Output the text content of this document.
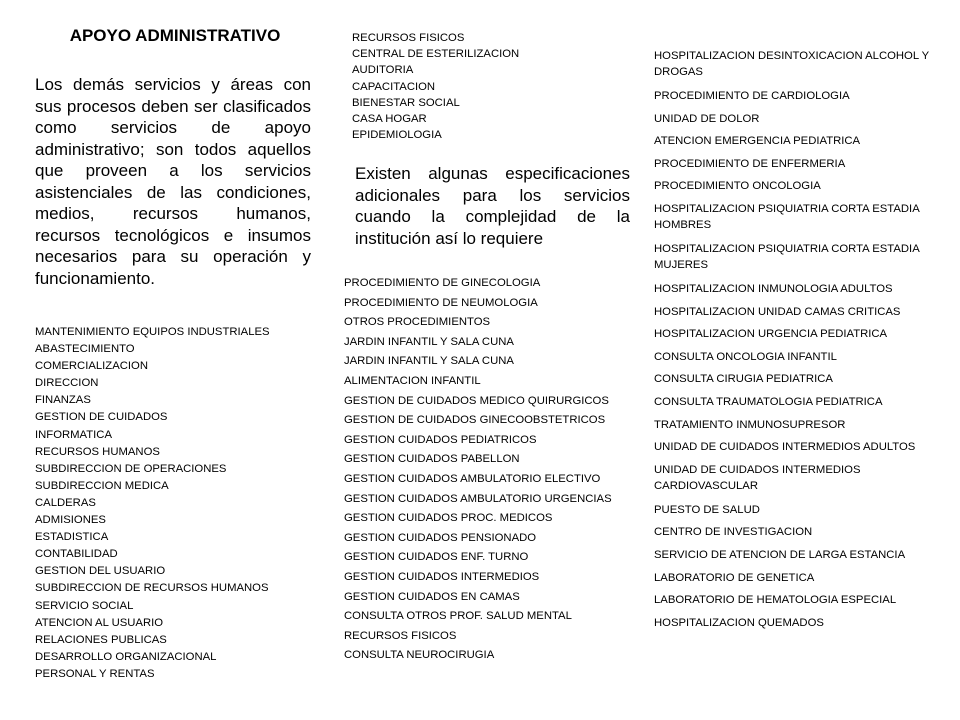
APOYO ADMINISTRATIVO
Los demás servicios y áreas con sus procesos deben ser clasificados como servicios de apoyo administrativo; son todos aquellos que proveen a los servicios asistenciales de las condiciones, medios, recursos humanos, recursos tecnológicos e insumos necesarios para su operación y funcionamiento.
Existen algunas especificaciones adicionales para los servicios cuando la complejidad de la institución así lo requiere
MANTENIMIENTO EQUIPOS INDUSTRIALES
ABASTECIMIENTO
COMERCIALIZACION
DIRECCION
FINANZAS
GESTION DE CUIDADOS
INFORMATICA
RECURSOS HUMANOS
SUBDIRECCION DE OPERACIONES
SUBDIRECCION MEDICA
CALDERAS
ADMISIONES
ESTADISTICA
CONTABILIDAD
GESTION DEL USUARIO
SUBDIRECCION DE RECURSOS HUMANOS
SERVICIO SOCIAL
ATENCION AL USUARIO
RELACIONES PUBLICAS
DESARROLLO ORGANIZACIONAL
PERSONAL Y RENTAS
RECURSOS FISICOS
CENTRAL DE ESTERILIZACION
AUDITORIA
CAPACITACION
BIENESTAR SOCIAL
CASA HOGAR
EPIDEMIOLOGIA
PROCEDIMIENTO DE GINECOLOGIA
PROCEDIMIENTO DE NEUMOLOGIA
OTROS PROCEDIMIENTOS
JARDIN INFANTIL Y SALA CUNA
JARDIN INFANTIL Y SALA CUNA
ALIMENTACION INFANTIL
GESTION DE CUIDADOS MEDICO QUIRURGICOS
GESTION DE CUIDADOS GINECOOBSTETRICOS
GESTION CUIDADOS PEDIATRICOS
GESTION CUIDADOS PABELLON
GESTION CUIDADOS AMBULATORIO ELECTIVO
GESTION CUIDADOS AMBULATORIO URGENCIAS
GESTION CUIDADOS PROC. MEDICOS
GESTION CUIDADOS PENSIONADO
GESTION CUIDADOS ENF. TURNO
GESTION CUIDADOS INTERMEDIOS
GESTION CUIDADOS EN CAMAS
CONSULTA OTROS PROF. SALUD MENTAL
RECURSOS FISICOS
CONSULTA NEUROCIRUGIA
HOSPITALIZACION DESINTOXICACION ALCOHOL Y DROGAS
PROCEDIMIENTO DE CARDIOLOGIA
UNIDAD DE DOLOR
ATENCION EMERGENCIA PEDIATRICA
PROCEDIMIENTO DE ENFERMERIA
PROCEDIMIENTO ONCOLOGIA
HOSPITALIZACION PSIQUIATRIA CORTA ESTADIA HOMBRES
HOSPITALIZACION PSIQUIATRIA CORTA ESTADIA MUJERES
HOSPITALIZACION INMUNOLOGIA ADULTOS
HOSPITALIZACION UNIDAD CAMAS CRITICAS
HOSPITALIZACION URGENCIA PEDIATRICA
CONSULTA ONCOLOGIA INFANTIL
CONSULTA CIRUGIA PEDIATRICA
CONSULTA TRAUMATOLOGIA PEDIATRICA
TRATAMIENTO INMUNOSUPRESOR
UNIDAD DE CUIDADOS INTERMEDIOS ADULTOS
UNIDAD DE CUIDADOS INTERMEDIOS CARDIOVASCULAR
PUESTO DE SALUD
CENTRO DE INVESTIGACION
SERVICIO DE ATENCION DE LARGA ESTANCIA
LABORATORIO DE GENETICA
LABORATORIO DE HEMATOLOGIA ESPECIAL
HOSPITALIZACION QUEMADOS
